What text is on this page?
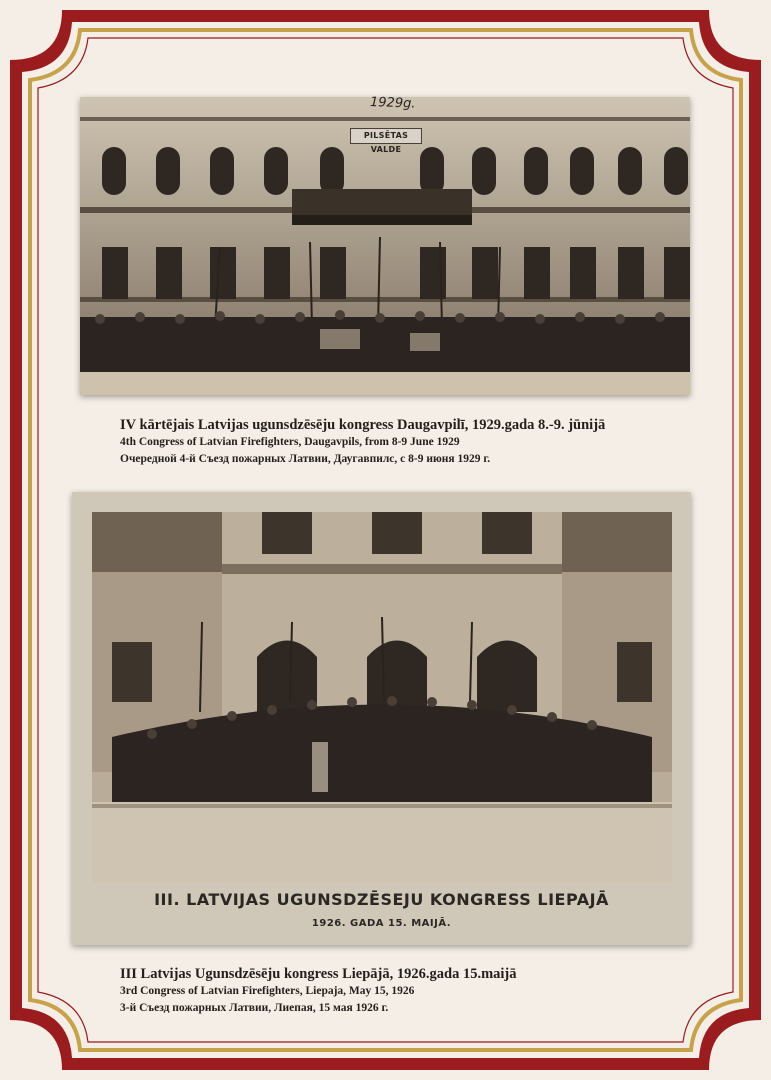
1929g.
PILSĒTAS VALDE
IV kārtējais Latvijas ugunsdzēsēju kongress Daugavpilī, 1929.gada 8.-9. jūnijā
4th Congress of Latvian Firefighters, Daugavpils, from 8-9 June 1929
Очередной 4-й Съезд пожарных Латвии, Даугавпилс, с 8-9 июня 1929 г.
III. LATVIJAS UGUNSDZĒSEJU KONGRESS LIEPAJĀ
1926. GADA 15. MAIJĀ.
III Latvijas Ugunsdzēsēju kongress Liepājā, 1926.gada 15.maijā
3rd Congress of Latvian Firefighters, Liepaja, May 15, 1926
3-й Съезд пожарных Латвии, Лиепая, 15 мая 1926 г.
